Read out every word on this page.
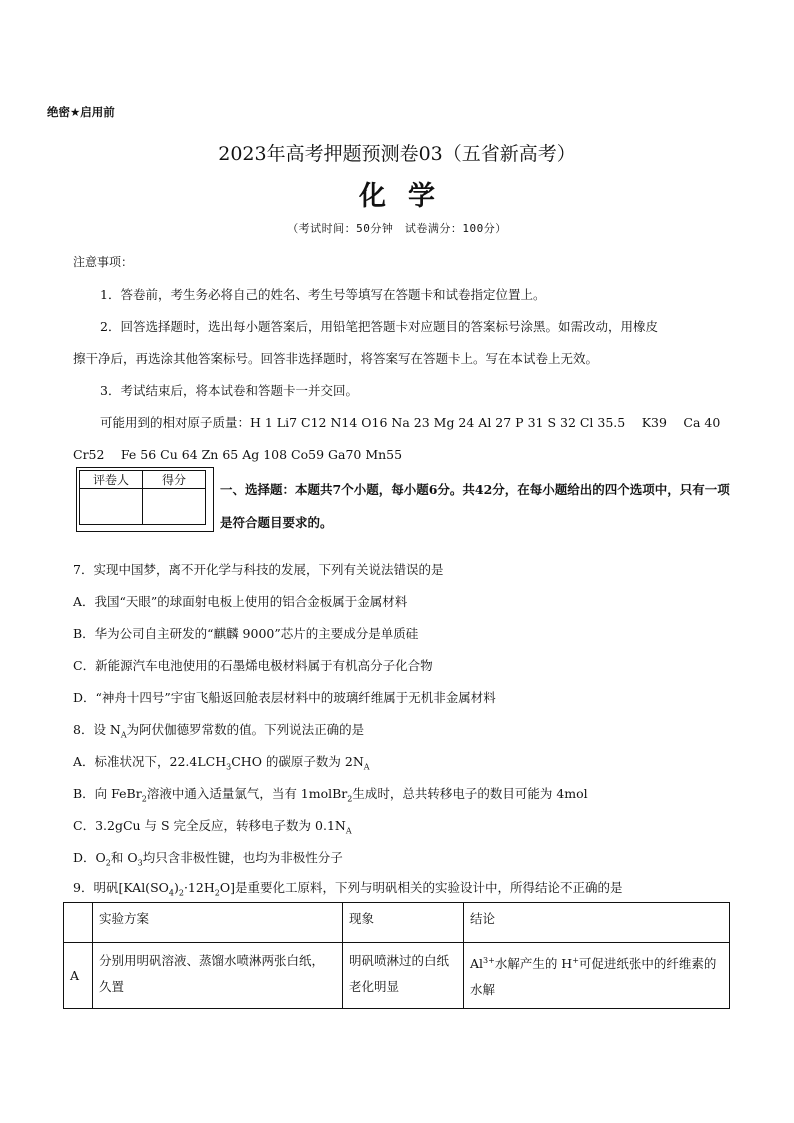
绝密★启用前
2023年高考押题预测卷03（五省新高考）
化学
（考试时间：50分钟　试卷满分：100分）
注意事项：
1．答卷前，考生务必将自己的姓名、考生号等填写在答题卡和试卷指定位置上。
2．回答选择题时，选出每小题答案后，用铅笔把答题卡对应题目的答案标号涂黑。如需改动，用橡皮
擦干净后，再选涂其他答案标号。回答非选择题时，将答案写在答题卡上。写在本试卷上无效。
3．考试结束后，将本试卷和答题卡一并交回。
可能用到的相对原子质量：H 1 Li7 C12 N14 O16 Na 23 Mg 24 Al 27 P 31 S 32 Cl 35.5　 K39　 Ca 40
Cr52　 Fe 56 Cu 64 Zn 65 Ag 108 Co59 Ga70 Mn55
评卷人	得分

一、选择题：本题共7个小题，每小题6分。共42分，在每小题给出的四个选项中，只有一项是符合题目要求的。
7．实现中国梦，离不开化学与科技的发展，下列有关说法错误的是
A．我国“天眼”的球面射电板上使用的铝合金板属于金属材料
B．华为公司自主研发的“麒麟 9000”芯片的主要成分是单质硅
C．新能源汽车电池使用的石墨烯电极材料属于有机高分子化合物
D．“神舟十四号”宇宙飞船返回舱表层材料中的玻璃纤维属于无机非金属材料
8．设 $N_A$为阿伏伽德罗常数的值。下列说法正确的是
A．标准状况下，$22.4LCH_3CHO$ 的碳原子数为 $2N_A$
B．向 FeBr$_2$溶液中通入适量氯气，当有 1molBr$_2$生成时，总共转移电子的数目可能为 4mol
C．3.2gCu 与 S 完全反应，转移电子数为 $0.1N_A$
D．$O_2$和 $O_3$均只含非极性键，也均为非极性分子
9．明矾$[KAl(SO_4)_2\cdot 12H_2O]$是重要化工原料，下列与明矾相关的实验设计中，所得结论不正确的是
	实验方案	现象	结论
A	分别用明矾溶液、蒸馏水喷淋两张白纸，久置	明矾喷淋过的白纸老化明显	$Al^{3+}$水解产生的 H+可促进纸张中的纤维素的水解
